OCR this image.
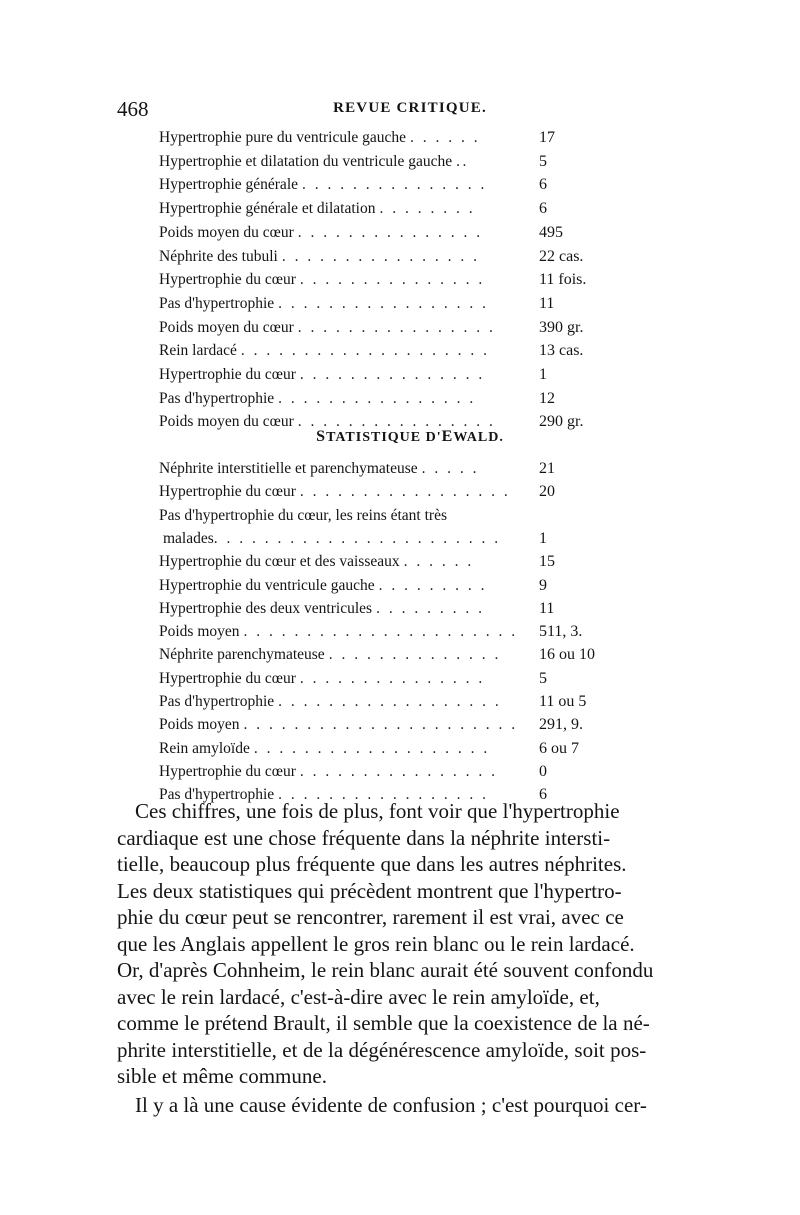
468	REVUE CRITIQUE.
Hypertrophie pure du ventricule gauche . . . . . .	17
Hypertrophie et dilatation du ventricule gauche ..	5
Hypertrophie générale . . . . . . . . . . . . . . .	6
Hypertrophie générale et dilatation . . . . . . . .	6
Poids moyen du cœur . . . . . . . . . . . . . . .	495
Néphrite des tubuli . . . . . . . . . . . . . . . .	22 cas.
Hypertrophie du cœur . . . . . . . . . . . . . . .	11 fois.
Pas d'hypertrophie . . . . . . . . . . . . . . . . .	11
Poids moyen du cœur . . . . . . . . . . . . . . . .	390 gr.
Rein lardacé . . . . . . . . . . . . . . . . . . . .	13 cas.
Hypertrophie du cœur . . . . . . . . . . . . . . .	1
Pas d'hypertrophie . . . . . . . . . . . . . . . .	12
Poids moyen du cœur . . . . . . . . . . . . . . . .	290 gr.
Néphrite interstitielle et parenchymateuse . . . . .	21
Hypertrophie du cœur . . . . . . . . . . . . . . . . .	20
Pas d'hypertrophie du cœur, les reins étant très
malades . . . . . . . . . . . . . . . . . . . . . . .	1
Hypertrophie du cœur et des vaisseaux . . . . . .	15
Hypertrophie du ventricule gauche . . . . . . . . .	9
Hypertrophie des deux ventricules . . . . . . . . .	11
Poids moyen . . . . . . . . . . . . . . . . . . . . . .	511, 3.
Néphrite parenchymateuse . . . . . . . . . . . . . .	16 ou 10
Hypertrophie du cœur . . . . . . . . . . . . . . .	5
Pas d'hypertrophie . . . . . . . . . . . . . . . . . .	11 ou 5
Poids moyen . . . . . . . . . . . . . . . . . . . . . .	291, 9.
Rein amyloïde . . . . . . . . . . . . . . . . . . .	6 ou 7
Hypertrophie du cœur . . . . . . . . . . . . . . . .	0
Pas d'hypertrophie . . . . . . . . . . . . . . . . .	6
STATISTIQUE D'EWALD.
Ces chiffres, une fois de plus, font voir que l'hypertrophie
cardiaque est une chose fréquente dans la néphrite intersti-
tielle, beaucoup plus fréquente que dans les autres néphrites.
Les deux statistiques qui précèdent montrent que l'hypertro-
phie du cœur peut se rencontrer, rarement il est vrai, avec ce
que les Anglais appellent le gros rein blanc ou le rein lardacé.
Or, d'après Cohnheim, le rein blanc aurait été souvent confondu
avec le rein lardacé, c'est-à-dire avec le rein amyloïde, et,
comme le prétend Brault, il semble que la coexistence de la né-
phrite interstitielle, et de la dégénérescence amyloïde, soit pos-
sible et même commune.
Il y a là une cause évidente de confusion ; c'est pourquoi cer-
